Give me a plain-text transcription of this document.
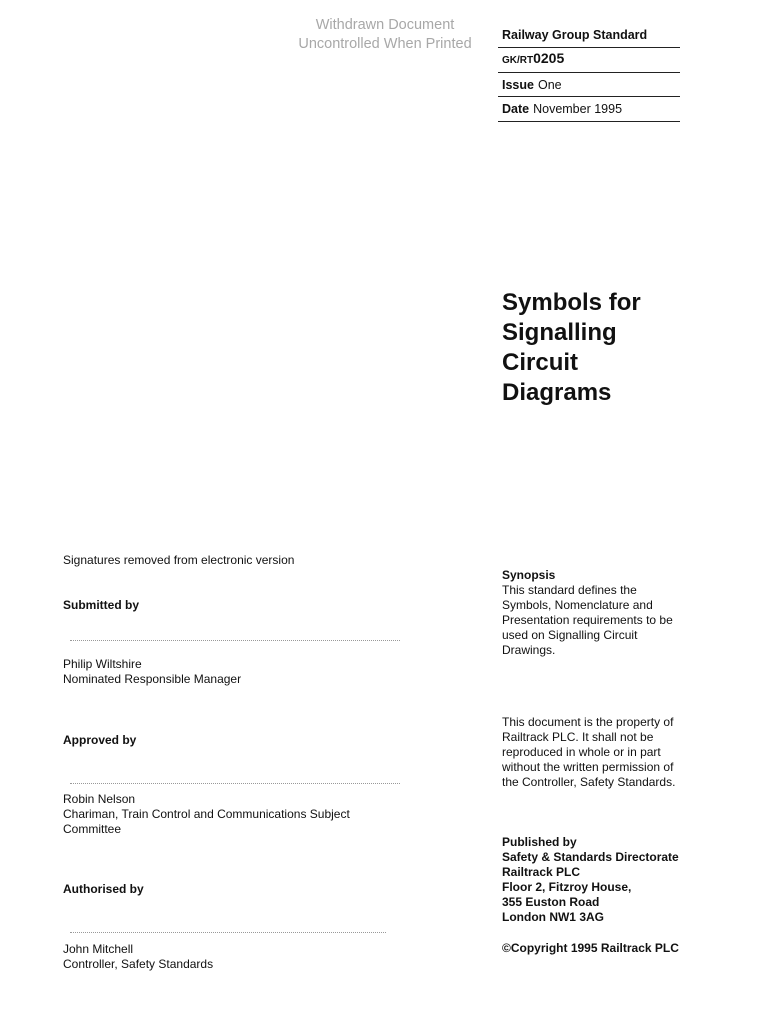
Withdrawn Document
Uncontrolled When Printed
Railway Group Standard
GK/RT0205
Issue One
Date November 1995
Symbols for
Signalling
Circuit
Diagrams
Signatures removed from electronic version
Submitted by
Philip Wiltshire
Nominated Responsible Manager
Approved by
Robin Nelson
Chariman, Train Control and Communications Subject
Committee
Authorised by
John Mitchell
Controller, Safety Standards
Synopsis
This standard defines the
Symbols, Nomenclature and
Presentation requirements to be
used on Signalling Circuit
Drawings.
This document is the property of
Railtrack PLC. It shall not be
reproduced in whole or in part
without the written permission of
the Controller, Safety Standards.
Published by
Safety & Standards Directorate
Railtrack PLC
Floor 2, Fitzroy House,
355 Euston Road
London NW1 3AG
©Copyright 1995 Railtrack PLC
